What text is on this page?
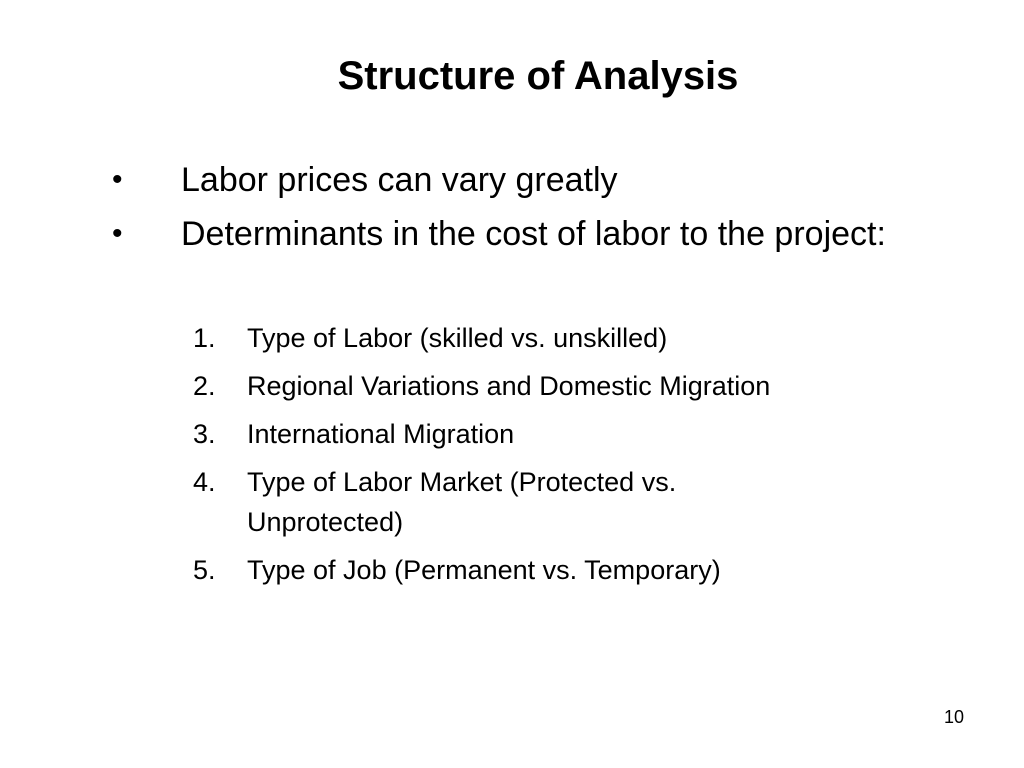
Structure of Analysis
• Labor prices can vary greatly
• Determinants in the cost of labor to the project:
1. Type of Labor (skilled vs. unskilled)
2. Regional Variations and Domestic Migration
3. International Migration
4. Type of Labor Market (Protected vs. Unprotected)
5. Type of Job (Permanent vs. Temporary)
10
